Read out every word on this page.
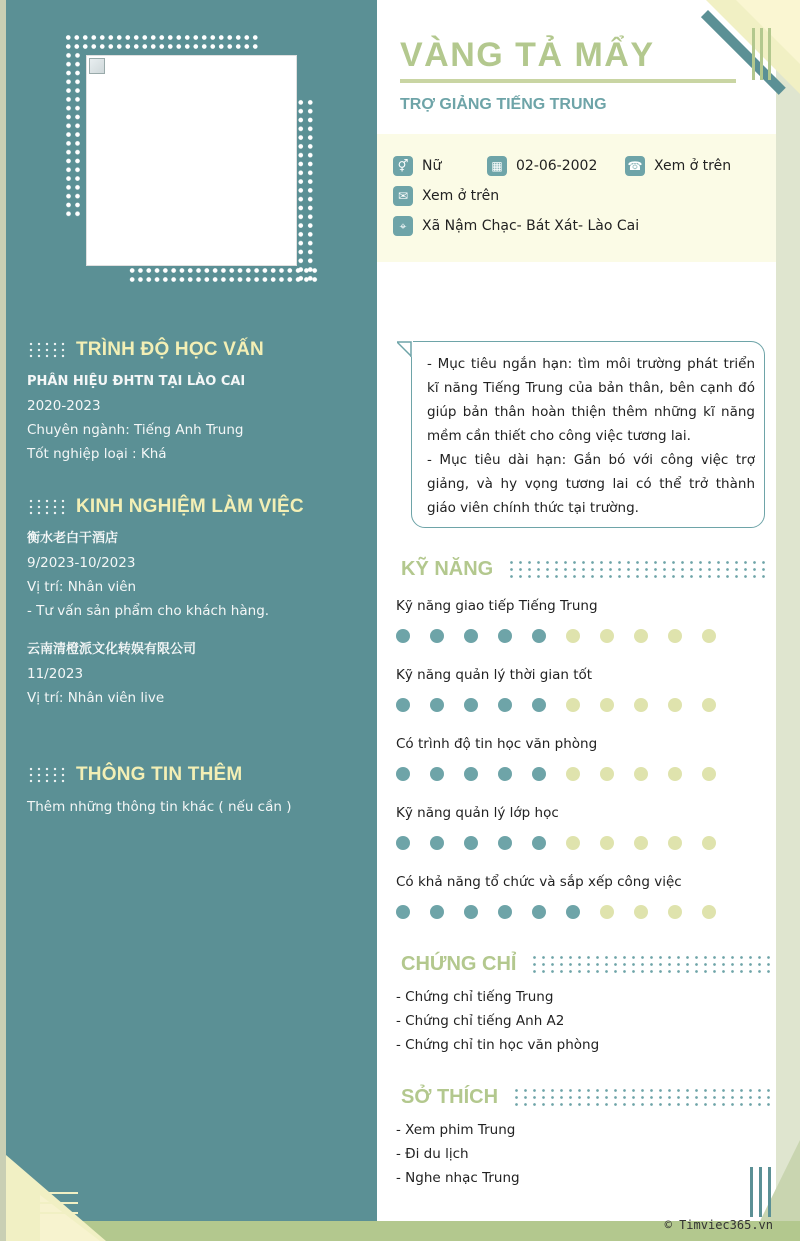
TRÌNH ĐỘ HỌC VẤN
PHÂN HIỆU ĐHTN TẠI LÀO CAI
2020-2023
Chuyên ngành: Tiếng Anh Trung
Tốt nghiệp loại : Khá
KINH NGHIỆM LÀM VIỆC
衡水老白干酒店
9/2023-10/2023
Vị trí: Nhân viên
- Tư vấn sản phẩm cho khách hàng.
云南清橙派文化转娱有限公司
11/2023
Vị trí: Nhân viên live
THÔNG TIN THÊM
Thêm những thông tin khác ( nếu cần )
VÀNG TẢ MẨY
TRỢ GIẢNG TIẾNG TRUNG
⚥ Nữ	▦ 02-06-2002	☎ Xem ở trên
✉ Xem ở trên
⌖	Xã Nậm Chạc- Bát Xát- Lào Cai

- Mục tiêu ngắn hạn: tìm môi trường phát triển kĩ năng Tiếng Trung của bản thân, bên cạnh đó giúp bản thân hoàn thiện thêm những kĩ năng mềm cần thiết cho công việc tương lai.

- Mục tiêu dài hạn: Gắn bó với công việc trợ giảng, và hy vọng tương lai có thể trở thành giáo viên chính thức tại trường.

KỸ NĂNG
Kỹ năng giao tiếp Tiếng Trung
Kỹ năng quản lý thời gian tốt
Có trình độ tin học văn phòng
Kỹ năng quản lý lớp học
Có khả năng tổ chức và sắp xếp công việc
CHỨNG CHỈ
- Chứng chỉ tiếng Trung
- Chứng chỉ tiếng Anh A2
- Chứng chỉ tin học văn phòng
SỞ THÍCH
- Xem phim Trung
- Đi du lịch
- Nghe nhạc Trung
© Timviec365.vn
